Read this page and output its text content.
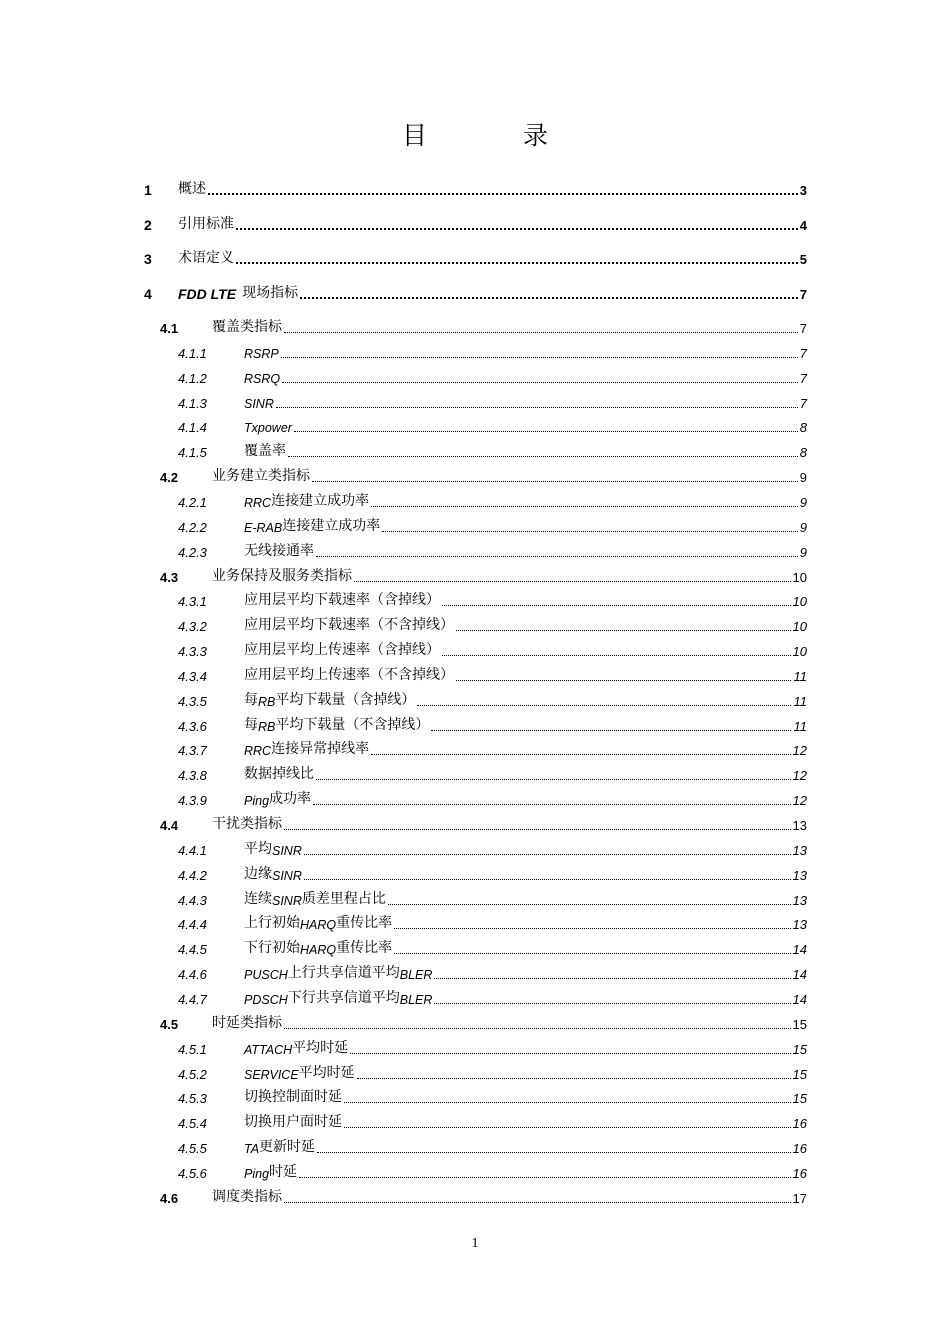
目 录
1 概述	3
2 引用标准	4
3 术语定义	5
4 FDD LTE 现场指标	7
4.1 覆盖类指标	7
4.1.1	RSRP	7
4.1.2	RSRQ	7
4.1.3	SINR	7
4.1.4	Txpower	8
4.1.5	覆盖率	8
4.2 业务建立类指标	9
4.2.1	RRC 连接建立成功率	9
4.2.2	E-RAB 连接建立成功率	9
4.2.3	无线接通率	9
4.3 业务保持及服务类指标	10
4.3.1	应用层平均下载速率（含掉线）	10
4.3.2	应用层平均下载速率（不含掉线）	10
4.3.3	应用层平均上传速率（含掉线）	10
4.3.4	应用层平均上传速率（不含掉线）	11
4.3.5	每 RB 平均下载量（含掉线）	11
4.3.6	每 RB 平均下载量（不含掉线）	11
4.3.7	RRC 连接异常掉线率	12
4.3.8	数据掉线比	12
4.3.9	Ping 成功率	12
4.4 干扰类指标	13
4.4.1	平均 SINR	13
4.4.2	边缘 SINR	13
4.4.3	连续 SINR 质差里程占比	13
4.4.4	上行初始 HARQ 重传比率	13
4.4.5	下行初始 HARQ 重传比率	14
4.4.6	PUSCH 上行共享信道平均 BLER	14
4.4.7	PDSCH 下行共享信道平均 BLER	14
4.5 时延类指标	15
4.5.1	ATTACH 平均时延	15
4.5.2	SERVICE 平均时延	15
4.5.3	切换控制面时延	15
4.5.4	切换用户面时延	16
4.5.5	TA 更新时延	16
4.5.6	Ping 时延	16
4.6 调度类指标	17
1
